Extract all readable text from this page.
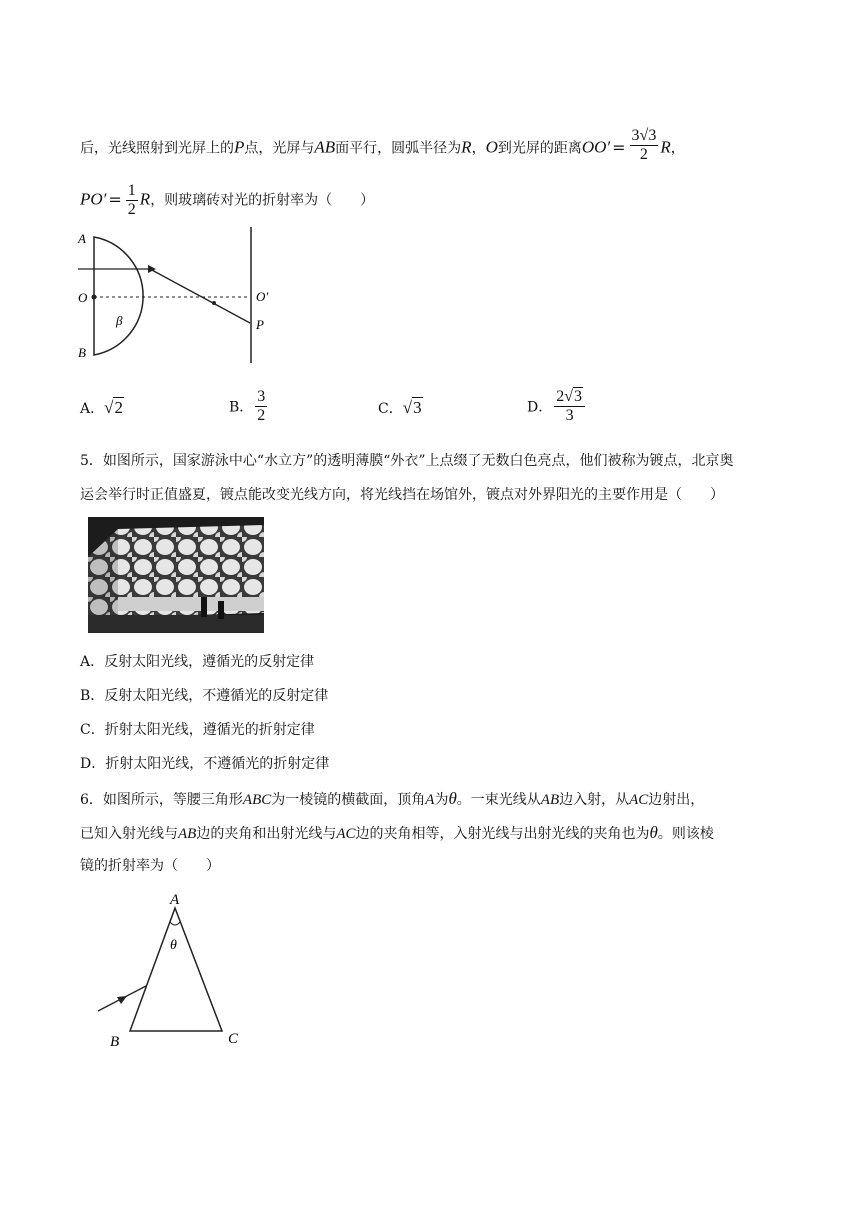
后，光线照射到光屏上的P点，光屏与AB面平行，圆弧半径为R，O到光屏的距离$OO' = \frac{3√3}{2}$ R，
$PO' = \frac{1}{2}$ R，则玻璃砖对光的折射率为（　　）
A
O
B
β
O′
P
A．√2	B． $\frac{3}{2}$	C．√3	D． $\frac{2√3}{3}$
5．如图所示，国家游泳中心“水立方”的透明薄膜“外衣”上点缀了无数白色亮点，他们被称为镀点，北京奥
运会举行时正值盛夏，镀点能改变光线方向，将光线挡在场馆外，镀点对外界阳光的主要作用是（　　）
A．反射太阳光线，遵循光的反射定律
B．反射太阳光线，不遵循光的反射定律
C．折射太阳光线，遵循光的折射定律
D．折射太阳光线，不遵循光的折射定律
6．如图所示，等腰三角形ABC为一棱镜的横截面，顶角A为θ。一束光线从AB边入射，从AC边射出，
已知入射光线与AB边的夹角和出射光线与AC边的夹角相等，入射光线与出射光线的夹角也为θ。则该棱
镜的折射率为（　　）
A
θ
B	C
